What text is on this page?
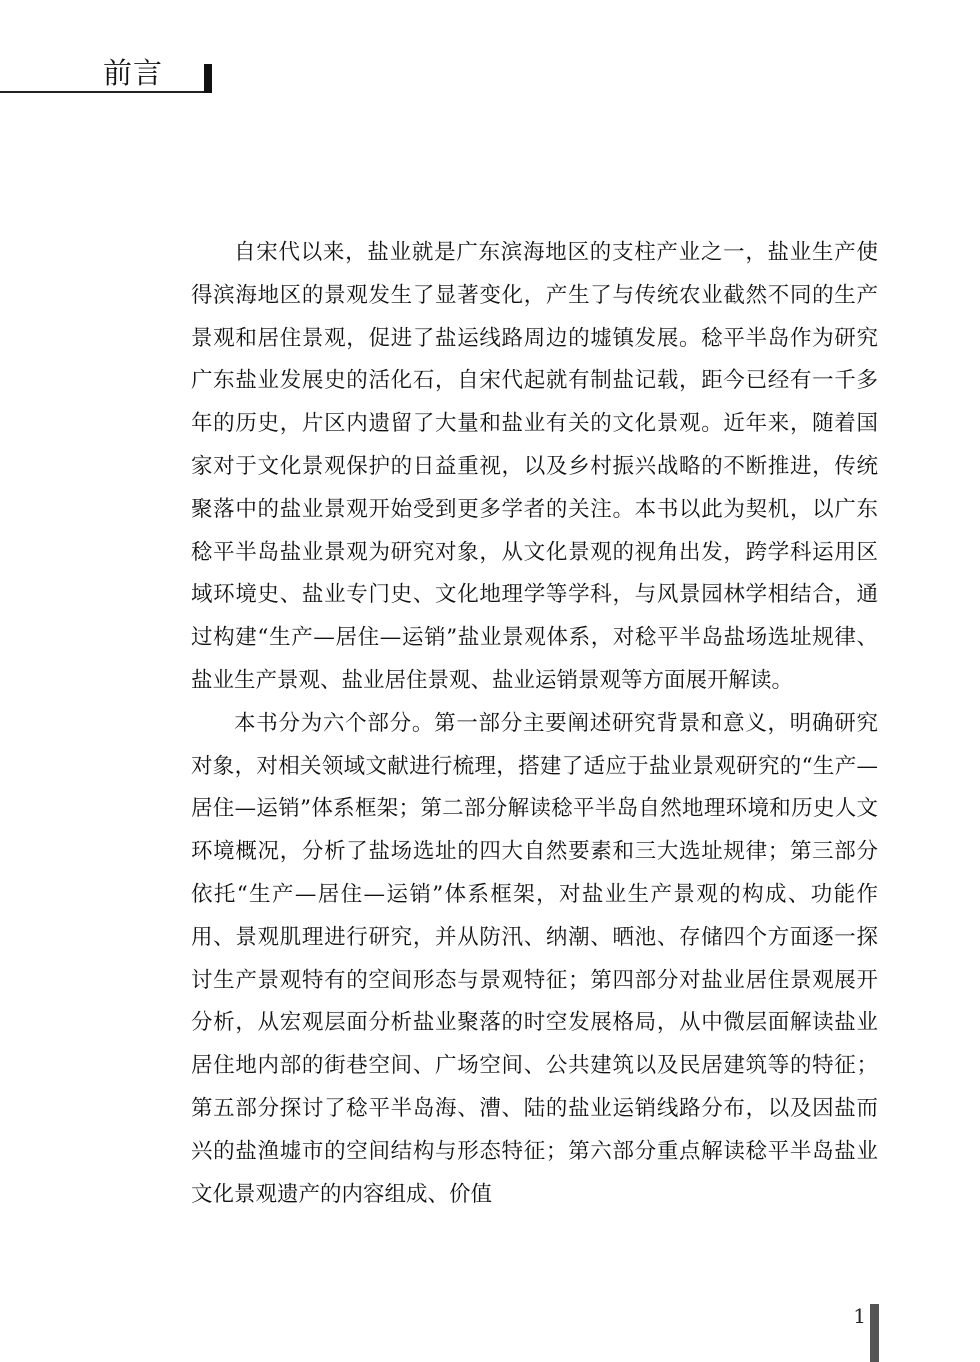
前言

自宋代以来，盐业就是广东滨海地区的支柱产业之一，盐业生产使得滨海地区的景观发生了显著变化，产生了与传统农业截然不同的生产景观和居住景观，促进了盐运线路周边的墟镇发展。稔平半岛作为研究广东盐业发展史的活化石，自宋代起就有制盐记载，距今已经有一千多年的历史，片区内遗留了大量和盐业有关的文化景观。近年来，随着国家对于文化景观保护的日益重视，以及乡村振兴战略的不断推进，传统聚落中的盐业景观开始受到更多学者的关注。本书以此为契机，以广东稔平半岛盐业景观为研究对象，从文化景观的视角出发，跨学科运用区域环境史、盐业专门史、文化地理学等学科，与风景园林学相结合，通过构建“生产—居住—运销”盐业景观体系，对稔平半岛盐场选址规律、盐业生产景观、盐业居住景观、盐业运销景观等方面展开解读。

本书分为六个部分。第一部分主要阐述研究背景和意义，明确研究对象，对相关领域文献进行梳理，搭建了适应于盐业景观研究的“生产—居住—运销”体系框架；第二部分解读稔平半岛自然地理环境和历史人文环境概况，分析了盐场选址的四大自然要素和三大选址规律；第三部分依托“生产—居住—运销”体系框架，对盐业生产景观的构成、功能作用、景观肌理进行研究，并从防汛、纳潮、晒池、存储四个方面逐一探讨生产景观特有的空间形态与景观特征；第四部分对盐业居住景观展开分析，从宏观层面分析盐业聚落的时空发展格局，从中微层面解读盐业居住地内部的街巷空间、广场空间、公共建筑以及民居建筑等的特征；第五部分探讨了稔平半岛海、漕、陆的盐业运销线路分布，以及因盐而兴的盐渔墟市的空间结构与形态特征；第六部分重点解读稔平半岛盐业文化景观遗产的内容组成、价值

1
